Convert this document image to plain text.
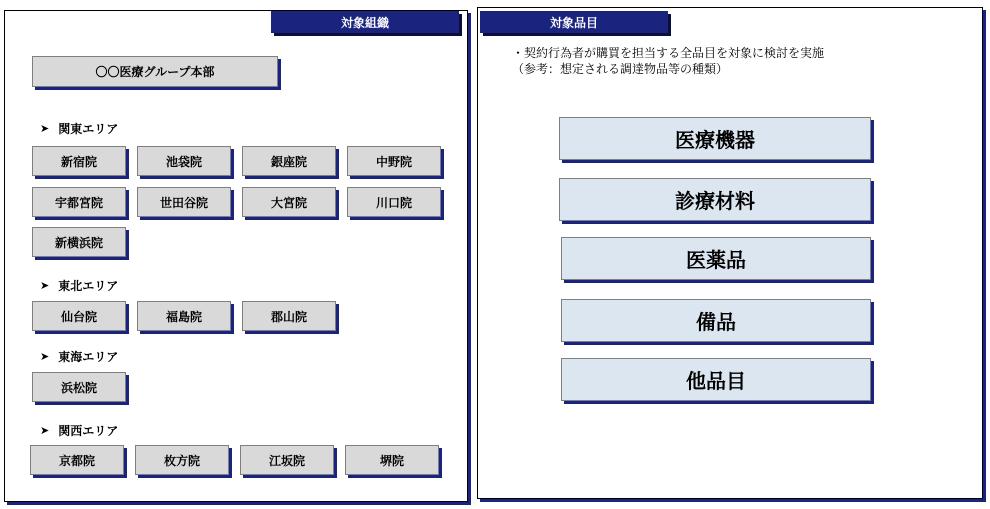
対象組織
〇〇医療グループ本部
➤ 関東エリア
新宿院	池袋院	銀座院	中野院
宇都宮院	世田谷院	大宮院	川口院
新横浜院
➤ 東北エリア
仙台院	福島院	郡山院
➤ 東海エリア
浜松院
➤ 関西エリア
京都院	枚方院	江坂院	堺院
対象品目
・契約行為者が購買を担当する全品目を対象に検討を実施
（参考：想定される調達物品等の種類）
医療機器
診療材料
医薬品
備品
他品目
